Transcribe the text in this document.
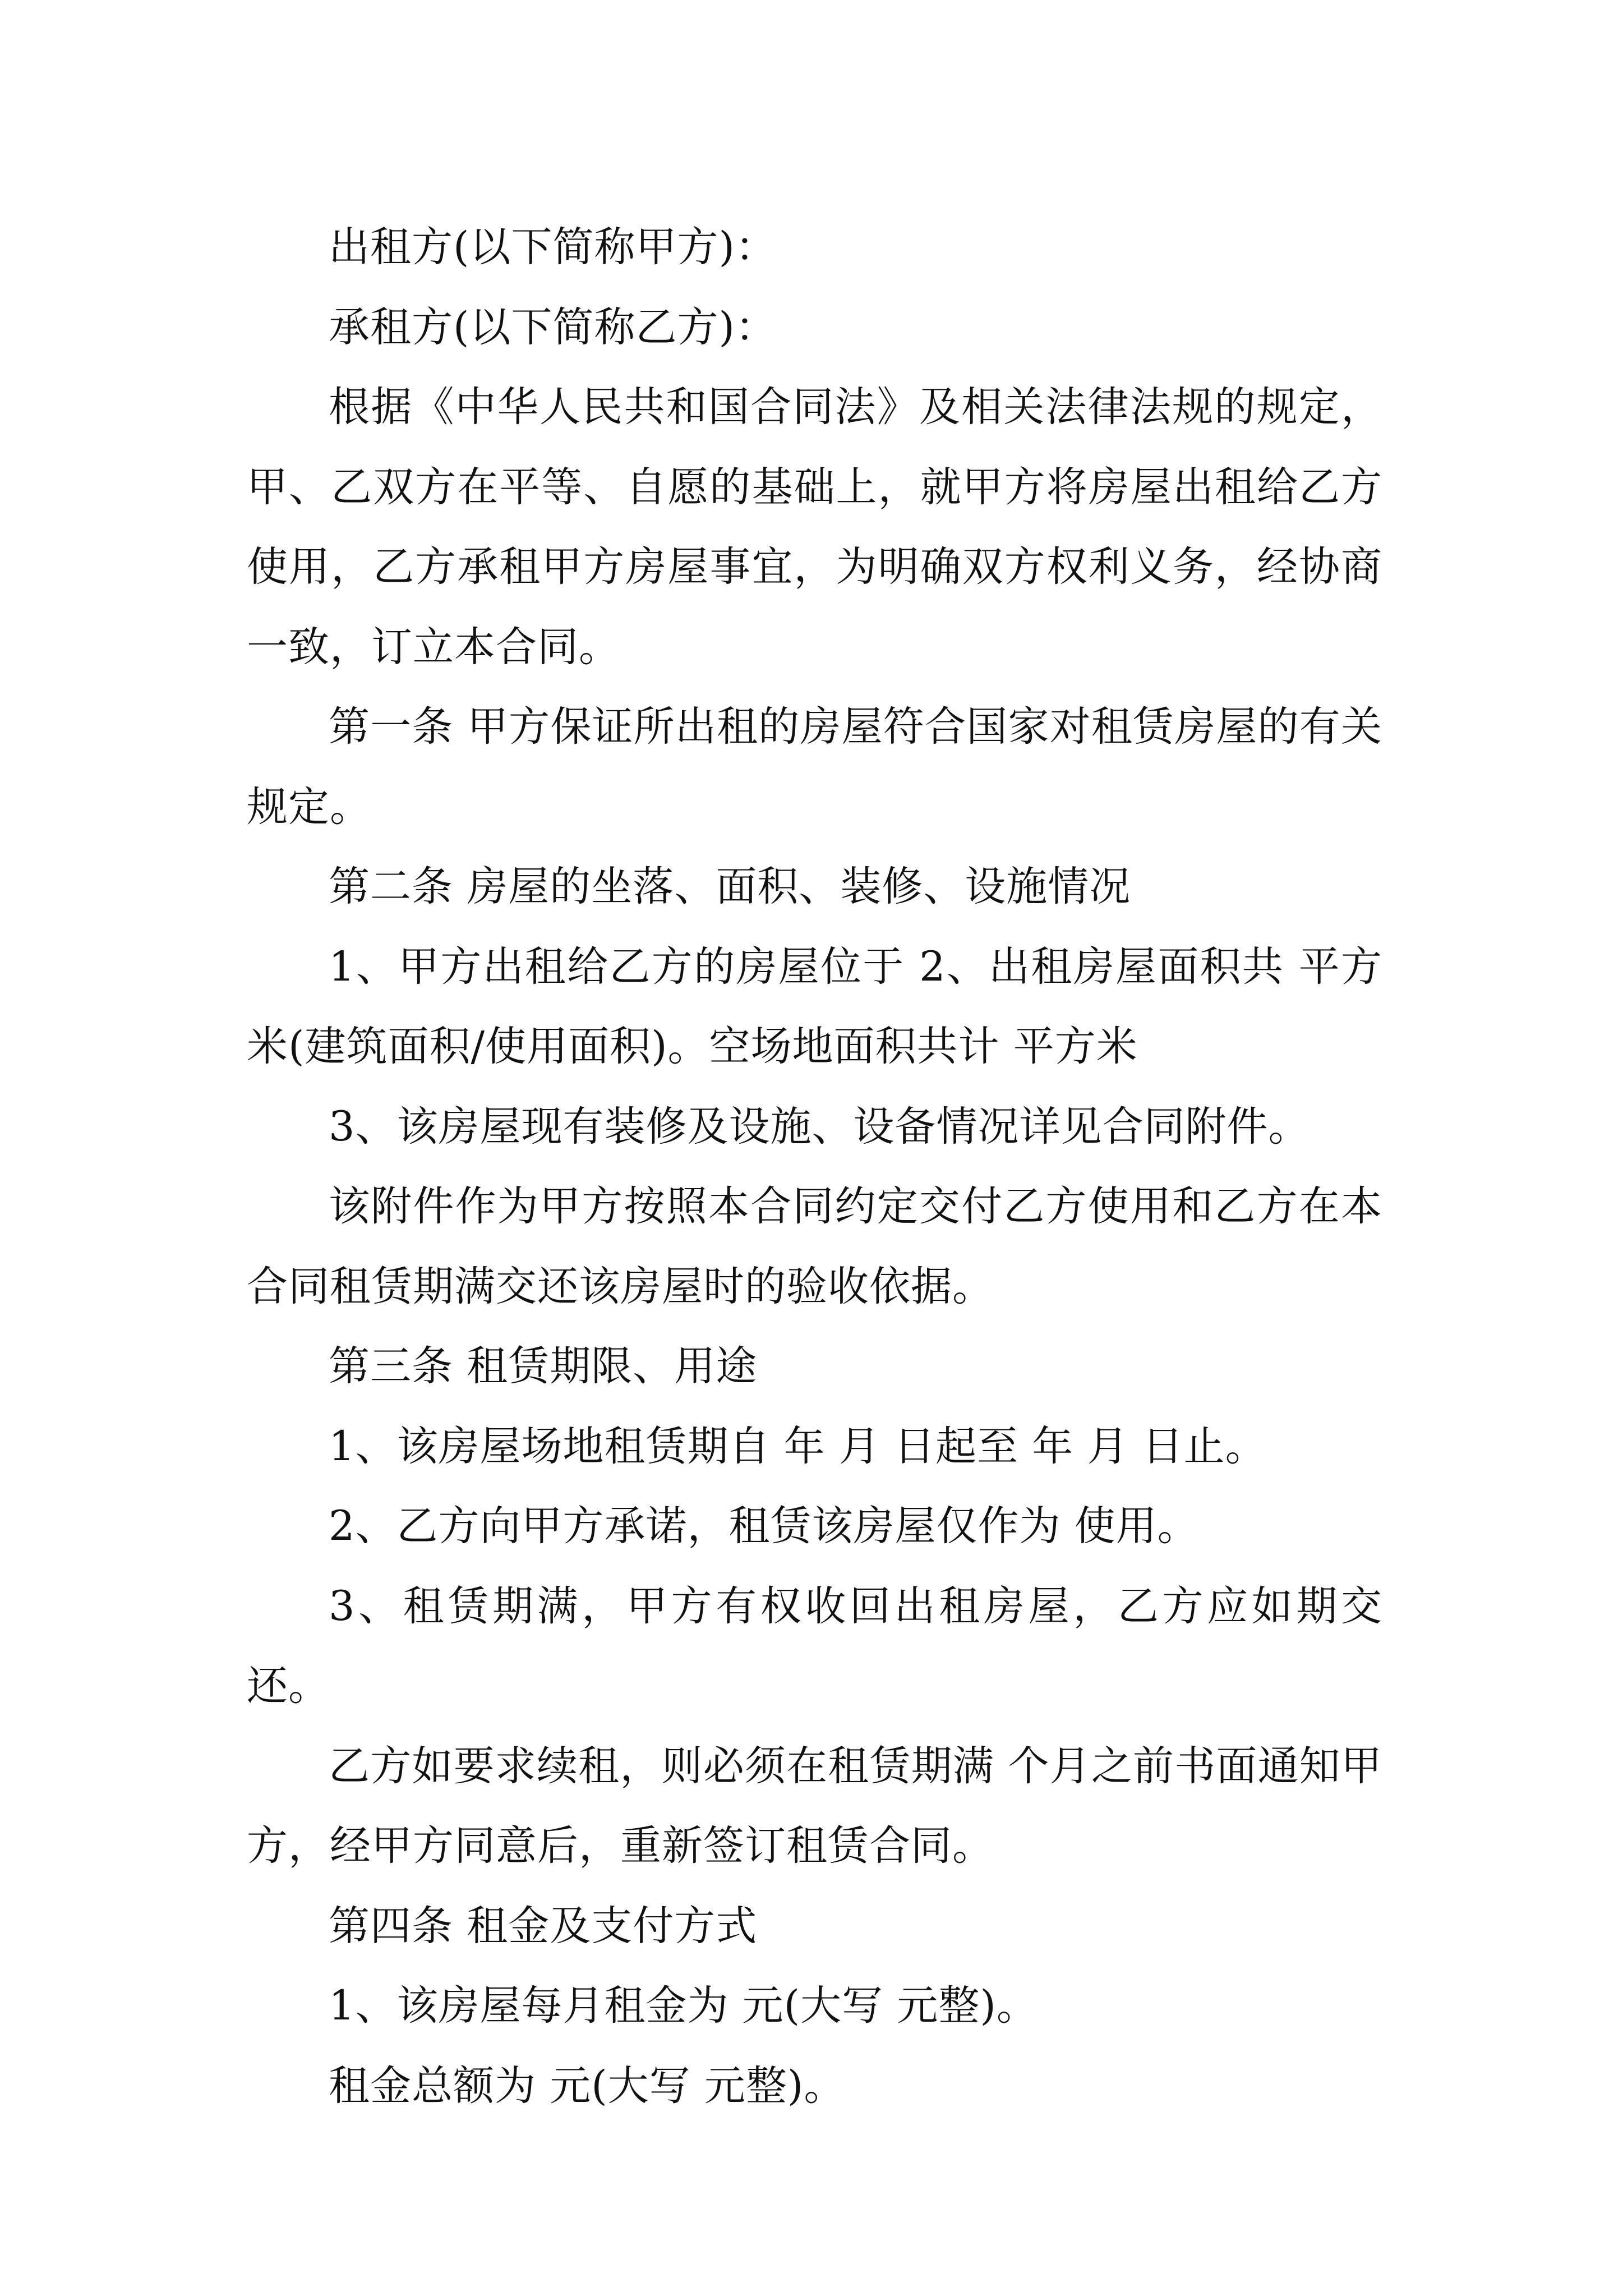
出租方(以下简称甲方)：

承租方(以下简称乙方)：

根据《中华人民共和国合同法》及相关法律法规的规定，甲、乙双方在平等、自愿的基础上，就甲方将房屋出租给乙方使用，乙方承租甲方房屋事宜，为明确双方权利义务，经协商一致，订立本合同。

第一条 甲方保证所出租的房屋符合国家对租赁房屋的有关规定。

第二条 房屋的坐落、面积、装修、设施情况

1、甲方出租给乙方的房屋位于 2、出租房屋面积共 平方米(建筑面积/使用面积)。空场地面积共计 平方米

3、该房屋现有装修及设施、设备情况详见合同附件。

该附件作为甲方按照本合同约定交付乙方使用和乙方在本合同租赁期满交还该房屋时的验收依据。

第三条 租赁期限、用途

1、该房屋场地租赁期自 年 月 日起至 年 月 日止。

2、乙方向甲方承诺，租赁该房屋仅作为 使用。

3、租赁期满，甲方有权收回出租房屋，乙方应如期交还。

乙方如要求续租，则必须在租赁期满 个月之前书面通知甲方，经甲方同意后，重新签订租赁合同。

第四条 租金及支付方式

1、该房屋每月租金为 元(大写 元整)。

租金总额为 元(大写 元整)。
